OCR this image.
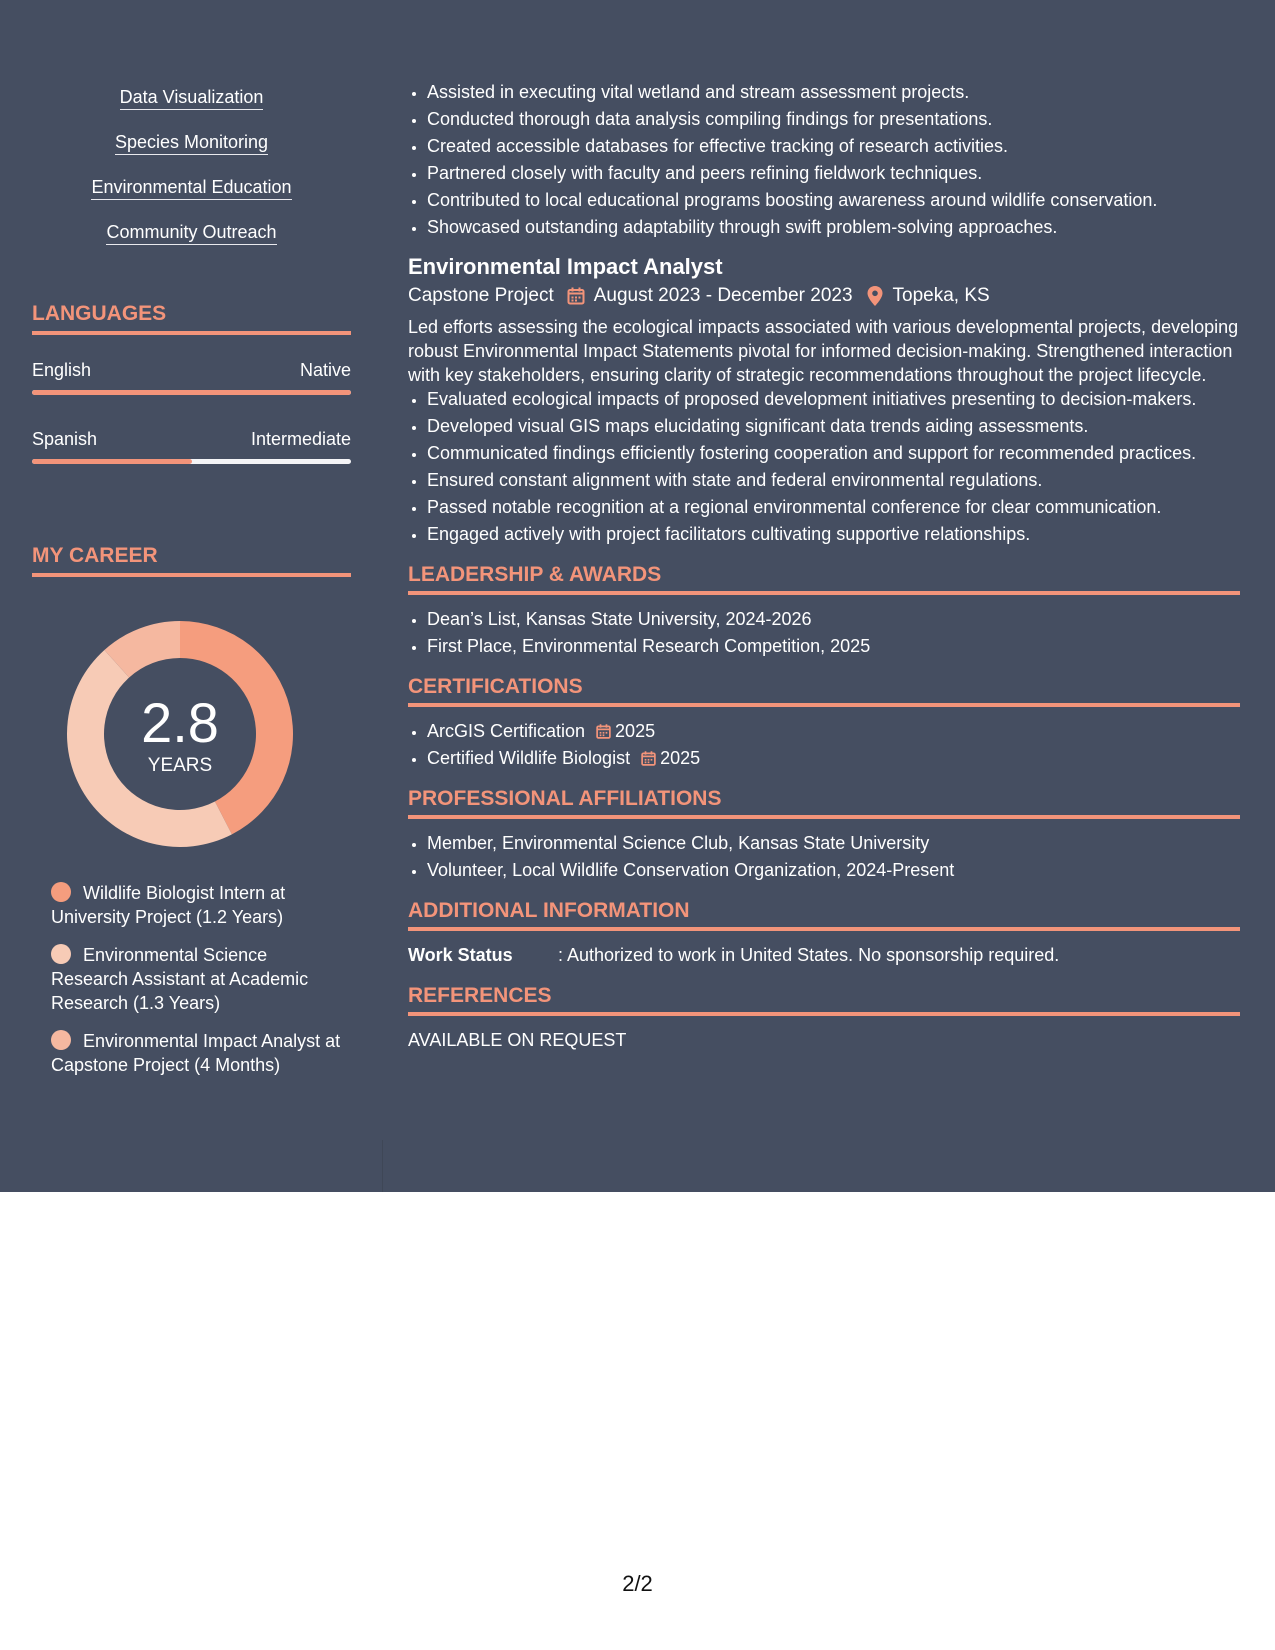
Data Visualization
Species Monitoring
Environmental Education
Community Outreach
LANGUAGES
English	Native
Spanish	Intermediate
MY CAREER
2.8
YEARS
Wildlife Biologist Intern at University Project (1.2 Years)
Environmental Science Research Assistant at Academic Research (1.3 Years)
Environmental Impact Analyst at Capstone Project (4 Months)
• Assisted in executing vital wetland and stream assessment projects.
• Conducted thorough data analysis compiling findings for presentations.
• Created accessible databases for effective tracking of research activities.
• Partnered closely with faculty and peers refining fieldwork techniques.
• Contributed to local educational programs boosting awareness around wildlife conservation.
• Showcased outstanding adaptability through swift problem-solving approaches.
Environmental Impact Analyst
Capstone Project August 2023 - December 2023 Topeka, KS
Led efforts assessing the ecological impacts associated with various developmental projects, developing robust Environmental Impact Statements pivotal for informed decision-making. Strengthened interaction with key stakeholders, ensuring clarity of strategic recommendations throughout the project lifecycle.
• Evaluated ecological impacts of proposed development initiatives presenting to decision-makers.
• Developed visual GIS maps elucidating significant data trends aiding assessments.
• Communicated findings efficiently fostering cooperation and support for recommended practices.
• Ensured constant alignment with state and federal environmental regulations.
• Passed notable recognition at a regional environmental conference for clear communication.
• Engaged actively with project facilitators cultivating supportive relationships.
LEADERSHIP & AWARDS
• Dean’s List, Kansas State University, 2024-2026
• First Place, Environmental Research Competition, 2025
CERTIFICATIONS
• ArcGIS Certification 2025
• Certified Wildlife Biologist 2025
PROFESSIONAL AFFILIATIONS
• Member, Environmental Science Club, Kansas State University
• Volunteer, Local Wildlife Conservation Organization, 2024-Present
ADDITIONAL INFORMATION
Work Status	: Authorized to work in United States. No sponsorship required.
REFERENCES
AVAILABLE ON REQUEST
2/2
